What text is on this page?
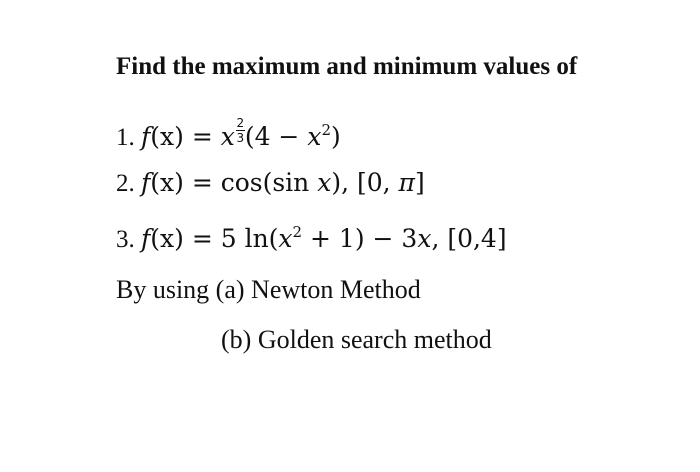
Find the maximum and minimum values of
1. f(x) = x $\frac{2}{3} (4 - x^2)$
2. f(x) = cos(sin x), [0, π]
3. f(x) = 5 $\ln(x^2 + 1) - 3x$, [0,4]
By using (a) Newton Method
(b) Golden search method
